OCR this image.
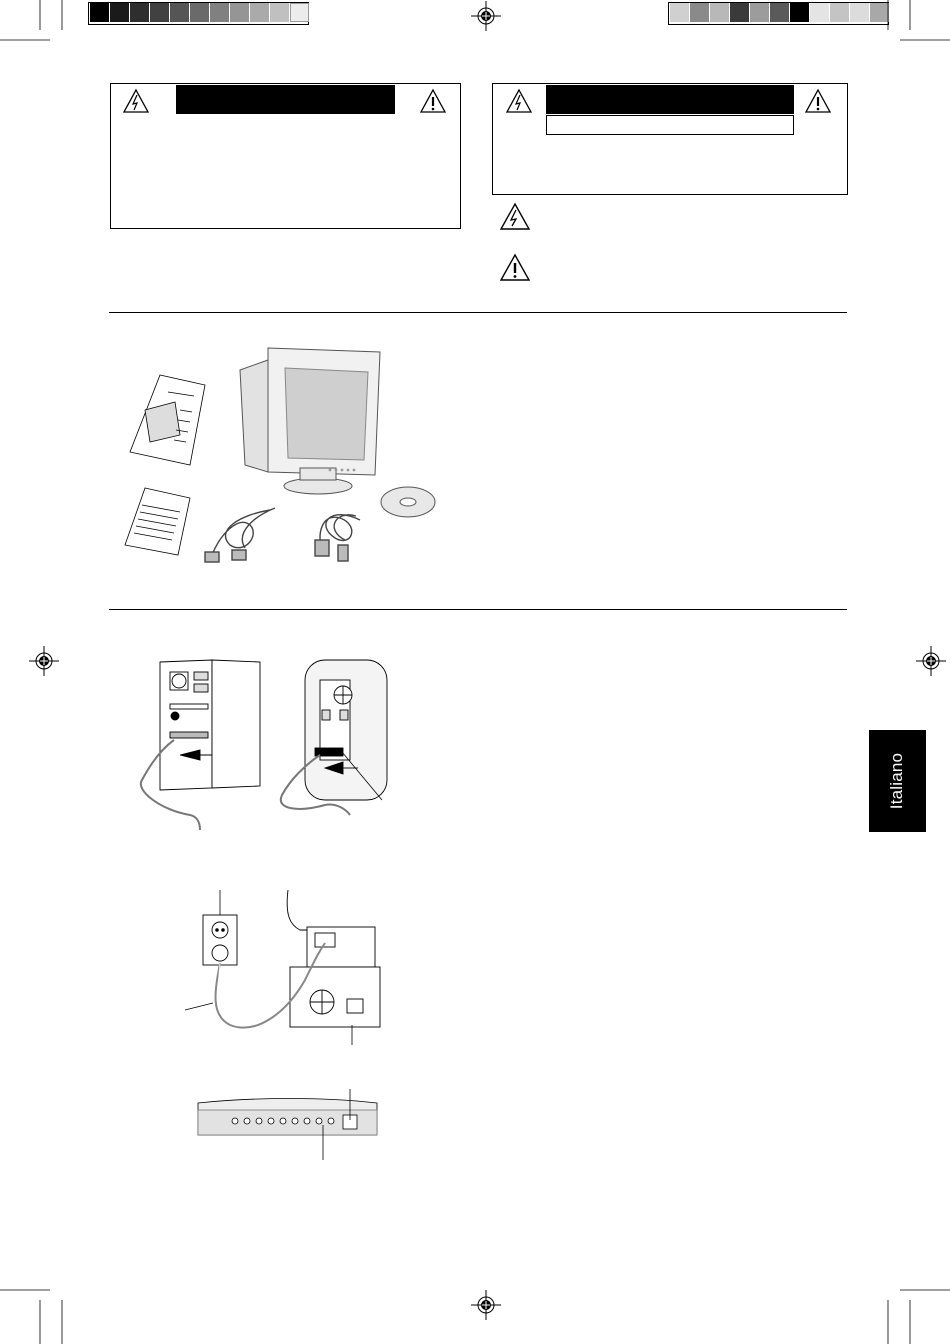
Italiano
